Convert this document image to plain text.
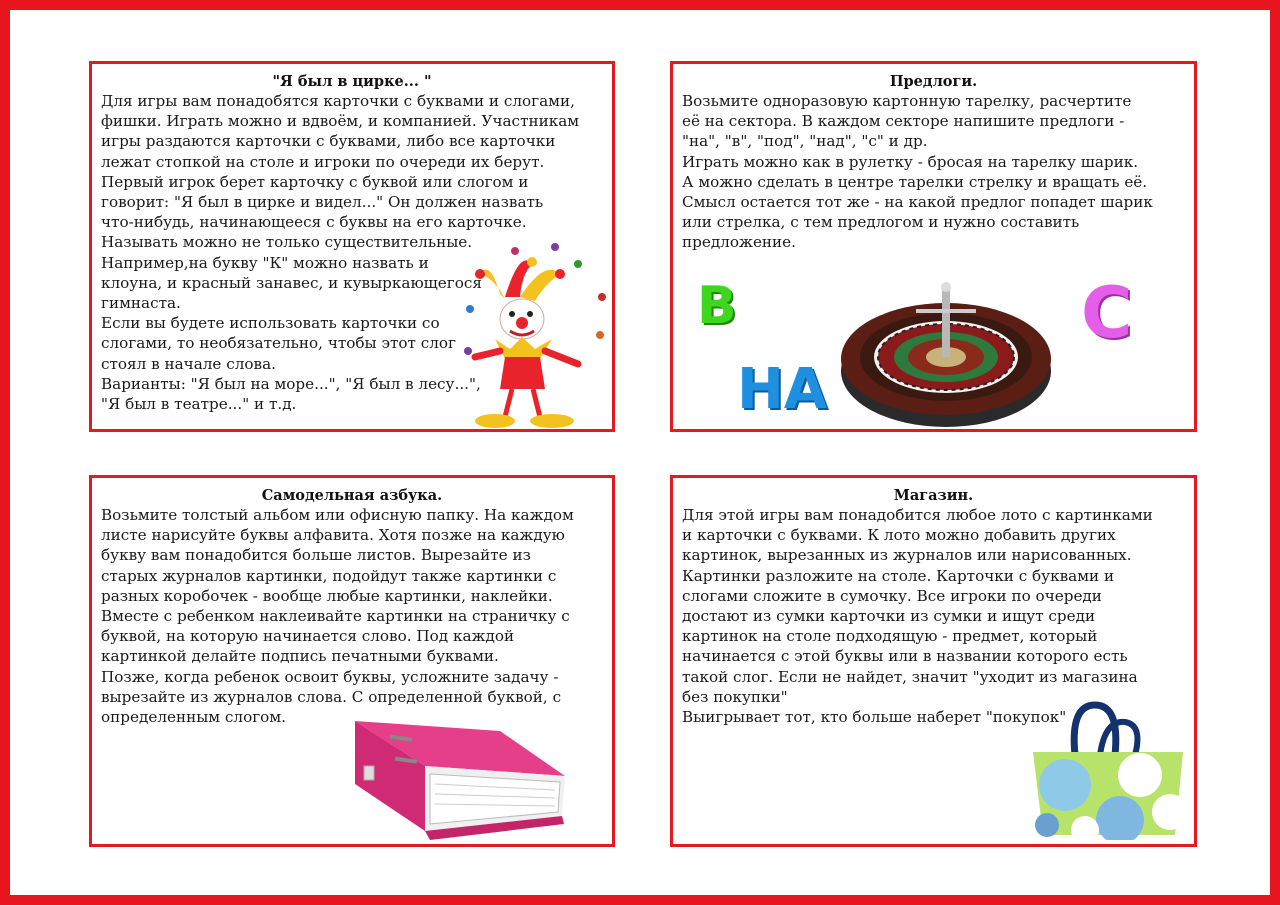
"Я был в цирке... "
Для игры вам понадобятся карточки с буквами и слогами,
фишки. Играть можно и вдвоём, и компанией. Участникам
игры раздаются карточки с буквами, либо все карточки
лежат стопкой на столе и игроки по очереди их берут.
Первый игрок берет карточку с буквой или слогом и
говорит: "Я был в цирке и видел..." Он должен назвать
что-нибудь, начинающееся с буквы на его карточке.
Называть можно не только существительные.
Например,на букву "К" можно назвать и
клоуна, и красный занавес, и кувыркающегося
гимнаста.
Если вы будете использовать карточки со
слогами, то необязательно, чтобы этот слог
стоял в начале слова.
Варианты: "Я был на море...", "Я был в лесу...",
"Я был в театре..." и т.д.
Предлоги.
Возьмите одноразовую картонную тарелку, расчертите
её на сектора. В каждом секторе напишите предлоги -
"на", "в", "под", "над", "с" и др.
Играть можно как в рулетку - бросая на тарелку шарик.
А можно сделать в центре тарелки стрелку и вращать её.
Смысл остается тот же - на какой предлог попадет шарик
или стрелка, с тем предлогом и нужно составить
предложение.
В
НА
С
Самодельная азбука.
Возьмите толстый альбом или офисную папку. На каждом
листе нарисуйте буквы алфавита. Хотя позже на каждую
букву вам понадобится больше листов. Вырезайте из
старых журналов картинки, подойдут также картинки с
разных коробочек - вообще любые картинки, наклейки.
Вместе с ребенком наклеивайте картинки на страничку с
буквой, на которую начинается слово. Под каждой
картинкой делайте подпись печатными буквами.
Позже, когда ребенок освоит буквы, усложните задачу -
вырезайте из журналов слова. С определенной буквой, с
определенным слогом.
Магазин.
Для этой игры вам понадобится любое лото с картинками
и карточки с буквами. К лото можно добавить других
картинок, вырезанных из журналов или нарисованных.
Картинки разложите на столе. Карточки с буквами и
слогами сложите в сумочку. Все игроки по очереди
достают из сумки карточки из сумки и ищут среди
картинок на столе подходящую - предмет, который
начинается с этой буквы или в названии которого есть
такой слог. Если не найдет, значит "уходит из магазина
без покупки"
Выигрывает тот, кто больше наберет "покупок"
